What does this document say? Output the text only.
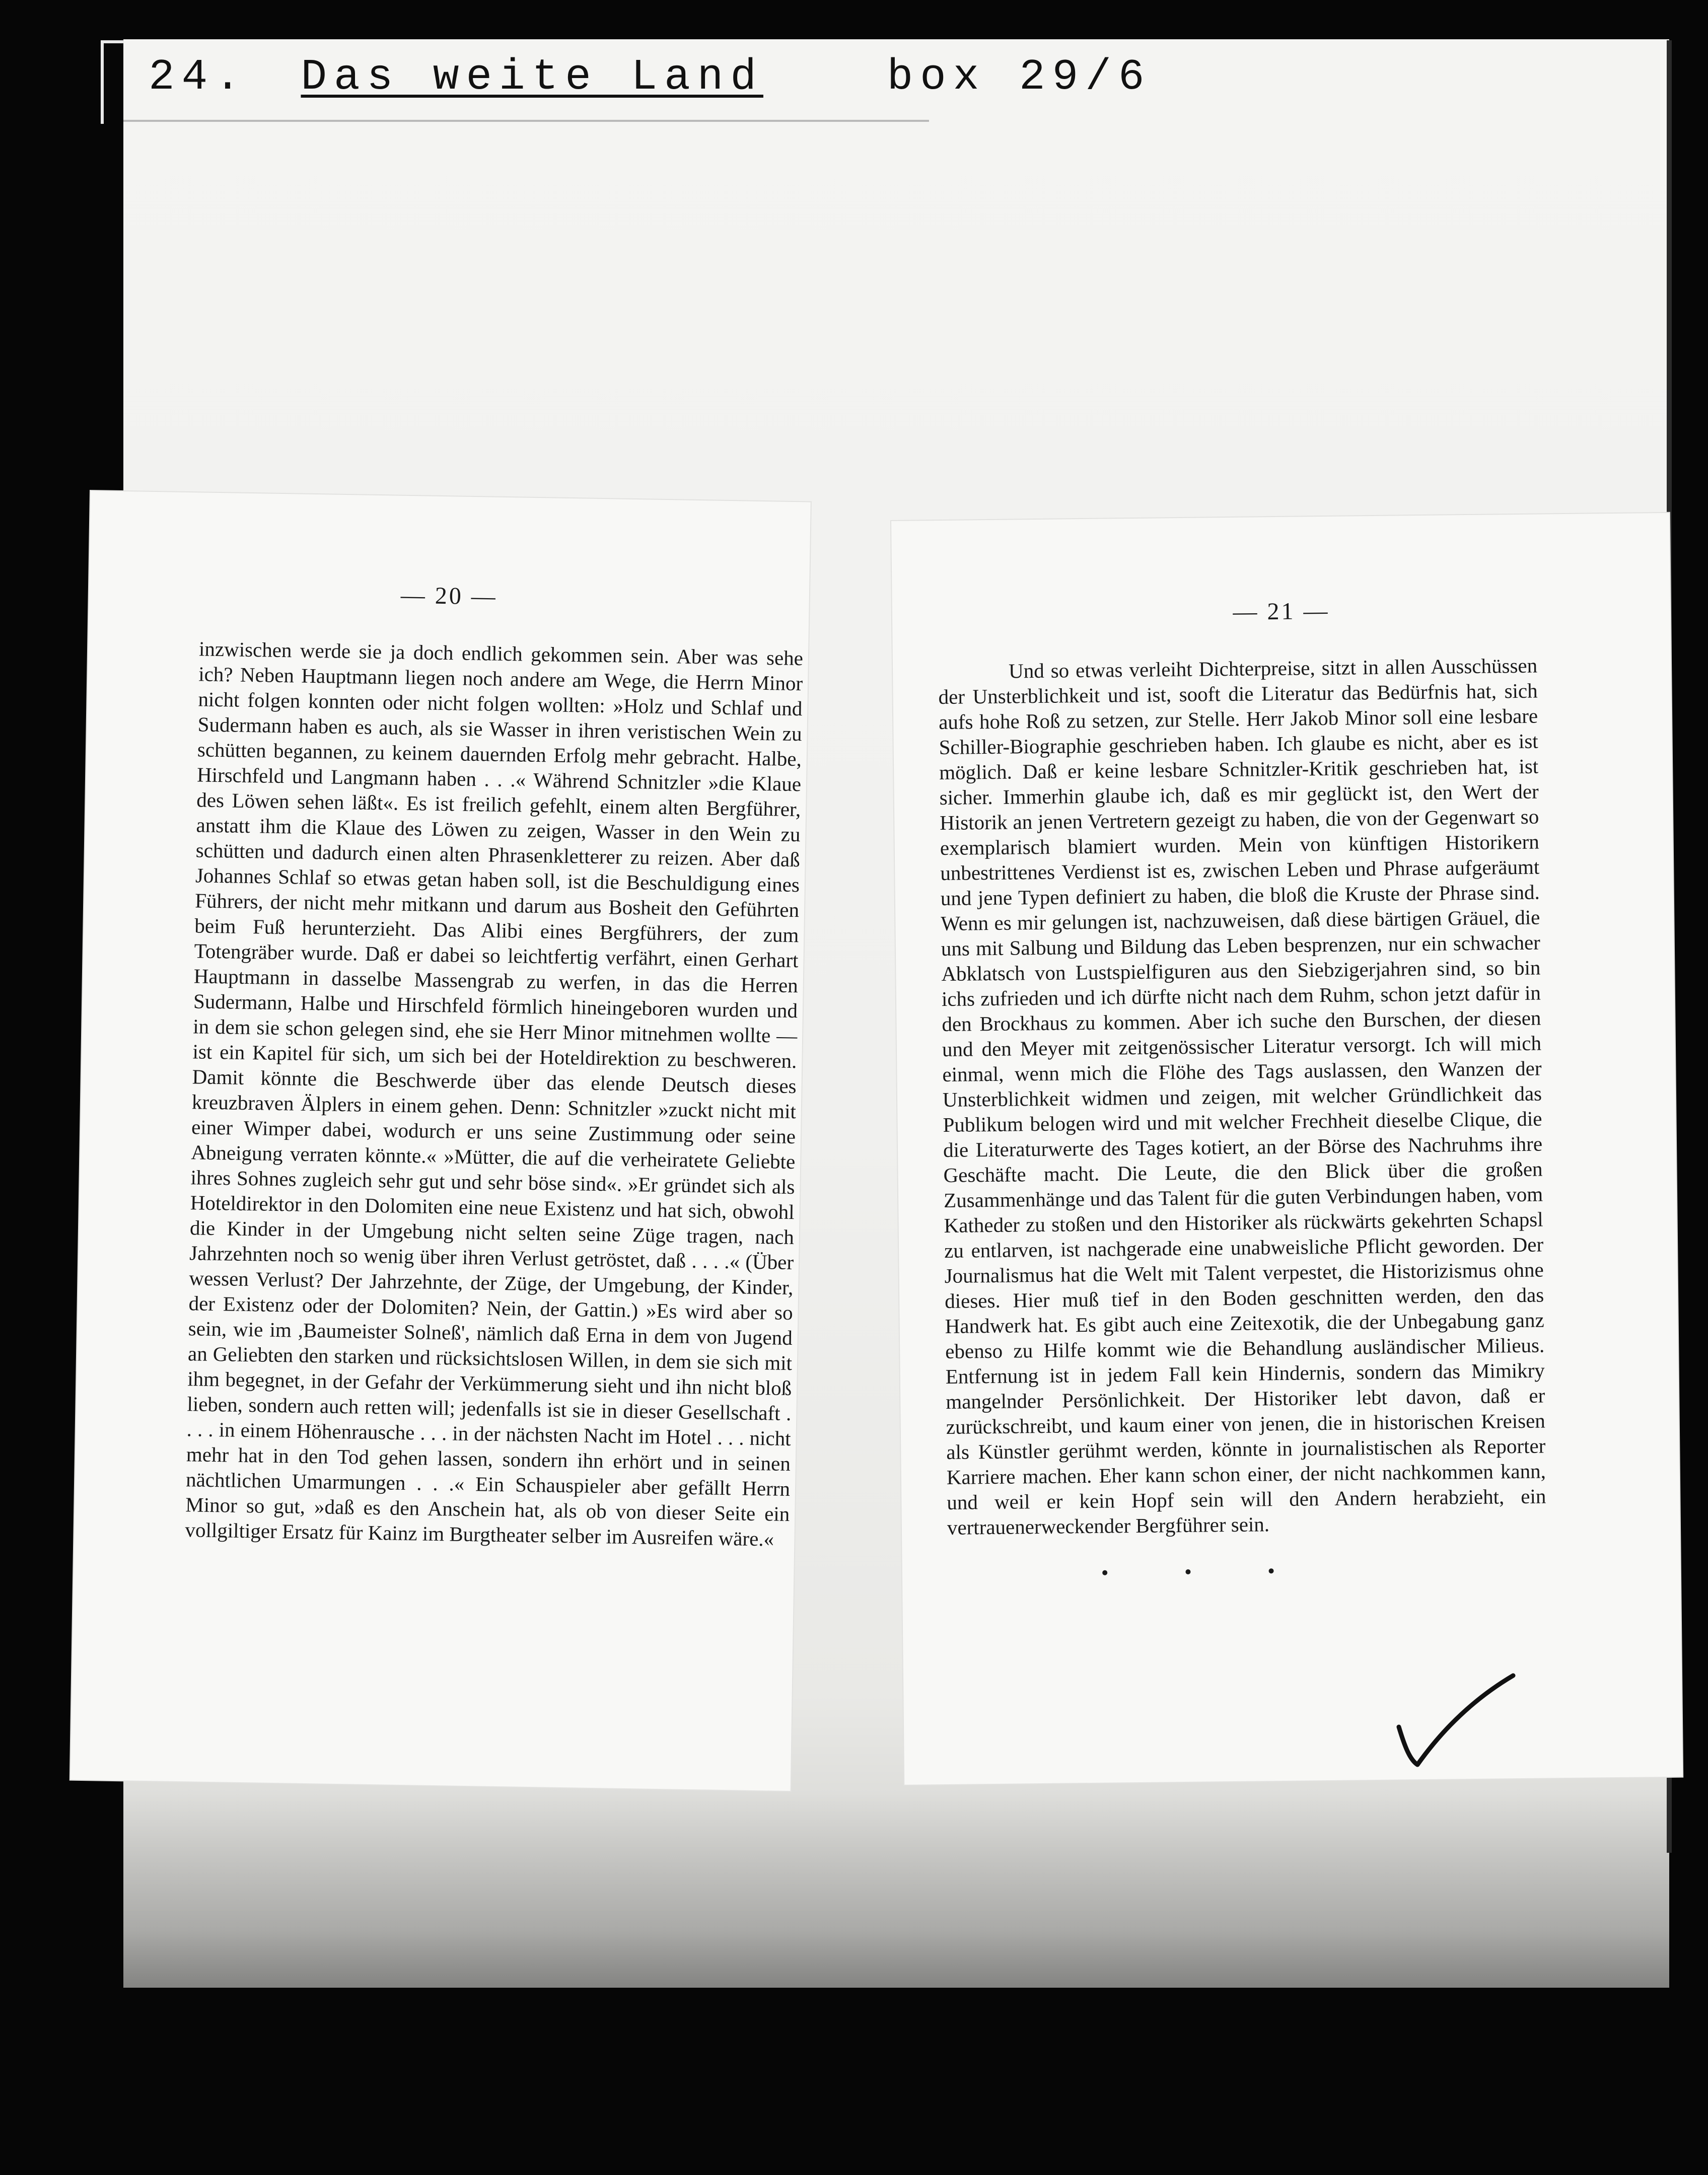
24. Das weite Land	box 29/6
— 20 —

inzwischen werde sie ja doch endlich gekommen sein. Aber was sehe ich? Neben Hauptmann liegen noch andere am Wege, die Herrn Minor nicht folgen konnten oder nicht folgen wollten: »Holz und Schlaf und Sudermann haben es auch, als sie Wasser in ihren veristischen Wein zu schütten begannen, zu keinem dauernden Erfolg mehr gebracht. Halbe, Hirschfeld und Langmann haben . . .« Während Schnitzler »die Klaue des Löwen sehen läßt«. Es ist freilich gefehlt, einem alten Bergführer, anstatt ihm die Klaue des Löwen zu zeigen, Wasser in den Wein zu schütten und dadurch einen alten Phrasenkletterer zu reizen. Aber daß Johannes Schlaf so etwas getan haben soll, ist die Beschuldigung eines Führers, der nicht mehr mitkann und darum aus Bosheit den Geführten beim Fuß herunterzieht. Das Alibi eines Bergführers, der zum Totengräber wurde. Daß er dabei so leichtfertig verfährt, einen Gerhart Hauptmann in dasselbe Massengrab zu werfen, in das die Herren Sudermann, Halbe und Hirschfeld förmlich hineingeboren wurden und in dem sie schon gelegen sind, ehe sie Herr Minor mitnehmen wollte — ist ein Kapitel für sich, um sich bei der Hoteldirektion zu beschweren. Damit könnte die Beschwerde über das elende Deutsch dieses kreuzbraven Älplers in einem gehen. Denn: Schnitzler »zuckt nicht mit einer Wimper dabei, wodurch er uns seine Zustimmung oder seine Abneigung verraten könnte.« »Mütter, die auf die verheiratete Geliebte ihres Sohnes zugleich sehr gut und sehr böse sind«. »Er gründet sich als Hoteldirektor in den Dolomiten eine neue Existenz und hat sich, obwohl die Kinder in der Umgebung nicht selten seine Züge tragen, nach Jahrzehnten noch so wenig über ihren Verlust getröstet, daß . . . .« (Über wessen Verlust? Der Jahrzehnte, der Züge, der Umgebung, der Kinder, der Existenz oder der Dolomiten? Nein, der Gattin.) »Es wird aber so sein, wie im ,Baumeister Solneß', nämlich daß Erna in dem von Jugend an Geliebten den starken und rücksichtslosen Willen, in dem sie sich mit ihm begegnet, in der Gefahr der Verkümmerung sieht und ihn nicht bloß lieben, sondern auch retten will; jedenfalls ist sie in dieser Gesellschaft . . . . in einem Höhenrausche . . . in der nächsten Nacht im Hotel . . . nicht mehr hat in den Tod gehen lassen, sondern ihn erhört und in seinen nächtlichen Umarmungen . . .« Ein Schauspieler aber gefällt Herrn Minor so gut, »daß es den Anschein hat, als ob von dieser Seite ein vollgiltiger Ersatz für Kainz im Burgtheater selber im Ausreifen wäre.«

— 21 —

Und so etwas verleiht Dichterpreise, sitzt in allen Ausschüssen der Unsterblichkeit und ist, sooft die Literatur das Bedürfnis hat, sich aufs hohe Roß zu setzen, zur Stelle. Herr Jakob Minor soll eine lesbare Schiller-Biographie geschrieben haben. Ich glaube es nicht, aber es ist möglich. Daß er keine lesbare Schnitzler-Kritik geschrieben hat, ist sicher. Immerhin glaube ich, daß es mir geglückt ist, den Wert der Historik an jenen Vertretern gezeigt zu haben, die von der Gegenwart so exemplarisch blamiert wurden. Mein von künftigen Historikern unbestrittenes Verdienst ist es, zwischen Leben und Phrase aufgeräumt und jene Typen definiert zu haben, die bloß die Kruste der Phrase sind. Wenn es mir gelungen ist, nachzuweisen, daß diese bärtigen Gräuel, die uns mit Salbung und Bildung das Leben besprenzen, nur ein schwacher Abklatsch von Lustspielfiguren aus den Siebzigerjahren sind, so bin ichs zufrieden und ich dürfte nicht nach dem Ruhm, schon jetzt dafür in den Brockhaus zu kommen. Aber ich suche den Burschen, der diesen und den Meyer mit zeitgenössischer Literatur versorgt. Ich will mich einmal, wenn mich die Flöhe des Tags auslassen, den Wanzen der Unsterblichkeit widmen und zeigen, mit welcher Gründlichkeit das Publikum belogen wird und mit welcher Frechheit dieselbe Clique, die die Literaturwerte des Tages kotiert, an der Börse des Nachruhms ihre Geschäfte macht. Die Leute, die den Blick über die großen Zusammenhänge und das Talent für die guten Verbindungen haben, vom Katheder zu stoßen und den Historiker als rückwärts gekehrten Schapsl zu entlarven, ist nachgerade eine unabweisliche Pflicht geworden. Der Journalismus hat die Welt mit Talent verpestet, die Historizismus ohne dieses. Hier muß tief in den Boden geschnitten werden, den das Handwerk hat. Es gibt auch eine Zeitexotik, die der Unbegabung ganz ebenso zu Hilfe kommt wie die Behandlung ausländischer Milieus. Entfernung ist in jedem Fall kein Hindernis, sondern das Mimikry mangelnder Persönlichkeit. Der Historiker lebt davon, daß er zurückschreibt, und kaum einer von jenen, die in historischen Kreisen als Künstler gerühmt werden, könnte in journalistischen als Reporter Karriere machen. Eher kann schon einer, der nicht nachkommen kann, und weil er kein Hopf sein will den Andern herabzieht, ein vertrauenerweckender Bergführer sein.

• • •
